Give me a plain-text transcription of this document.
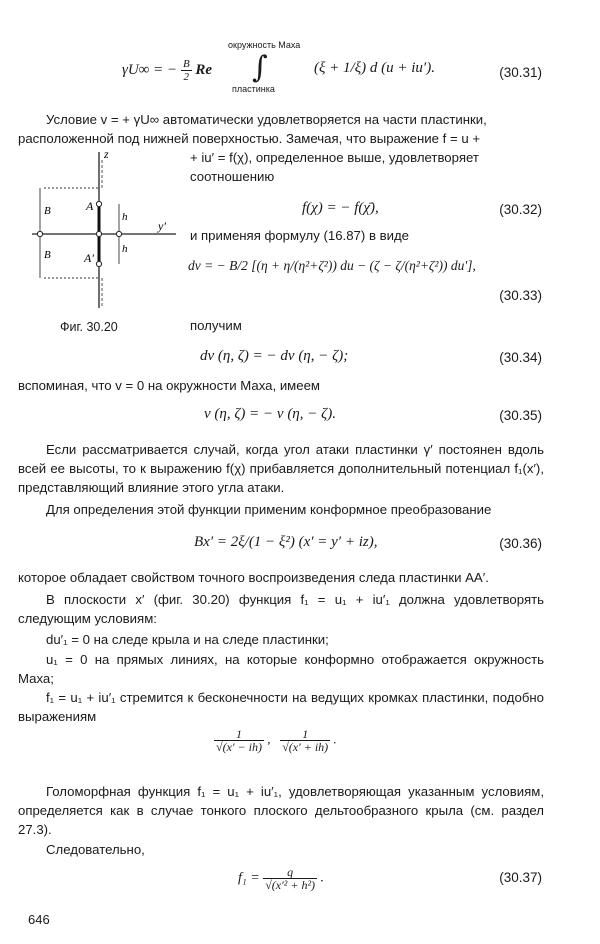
окружность Маха
γU∞ = − $\frac{B}{2}$ Re ∫	(ξ + 1/ξ) d (u + iu′).
пластинка
(30.31)
Условие v = + γU∞ автоматически удовлетворяется на части пластинки,
расположенной под нижней поверхностью. Замечая, что выражение f = u +
+ iu′ = f(χ), определенное выше, удовлетворяет
соотношению
z
y′
A
A′
h
h
B
B
f(χ) = − f(χ̄),	(30.32)
и применяя формулу (16.87) в виде
dv = − B/2 [(η + η/(η²+ζ²)) du − (ζ − ζ/(η²+ζ²)) du′],
(30.33)
Фиг. 30.20	получим
dv (η, ζ) = − dv (η, − ζ);	(30.34)
вспоминая, что v = 0 на окружности Маха, имеем
v (η, ζ) = − v (η, − ζ).	(30.35)
Если рассматривается случай, когда угол атаки пластинки γ′ постоянен вдоль всей ее высоты, то к выражению f(χ) прибавляется дополнительный потенциал f₁(x′), представляющий влияние этого угла атаки.
Для определения этой функции применим конформное преобразование
Bx′ = 2ξ/(1 − ξ²) (x′ = y′ + iz),	(30.36)
которое обладает свойством точного воспроизведения следа пластинки AA′.
В плоскости x′ (фиг. 30.20) функция f₁ = u₁ + iu′₁ должна удовлетворять следующим условиям:
du′₁ = 0 на следе крыла и на следе пластинки;
u₁ = 0 на прямых линиях, на которые конформно отображается окружность Маха;
f₁ = u₁ + iu′₁ стремится к бесконечности на ведущих кромках пластинки, подобно выражениям
$\frac{1}{√(x' - ih)}$ , $\frac{1}{√(x' + ih)}$ .
Голоморфная функция f₁ = u₁ + iu′₁, удовлетворяющая указанным условиям, определяется как в случае тонкого плоского дельтообразного крыла (см. раздел 27.3).
Следовательно,
$f_1 = \frac{q}{\text{√(x′² + h²)}}$ .	(30.37)
646
